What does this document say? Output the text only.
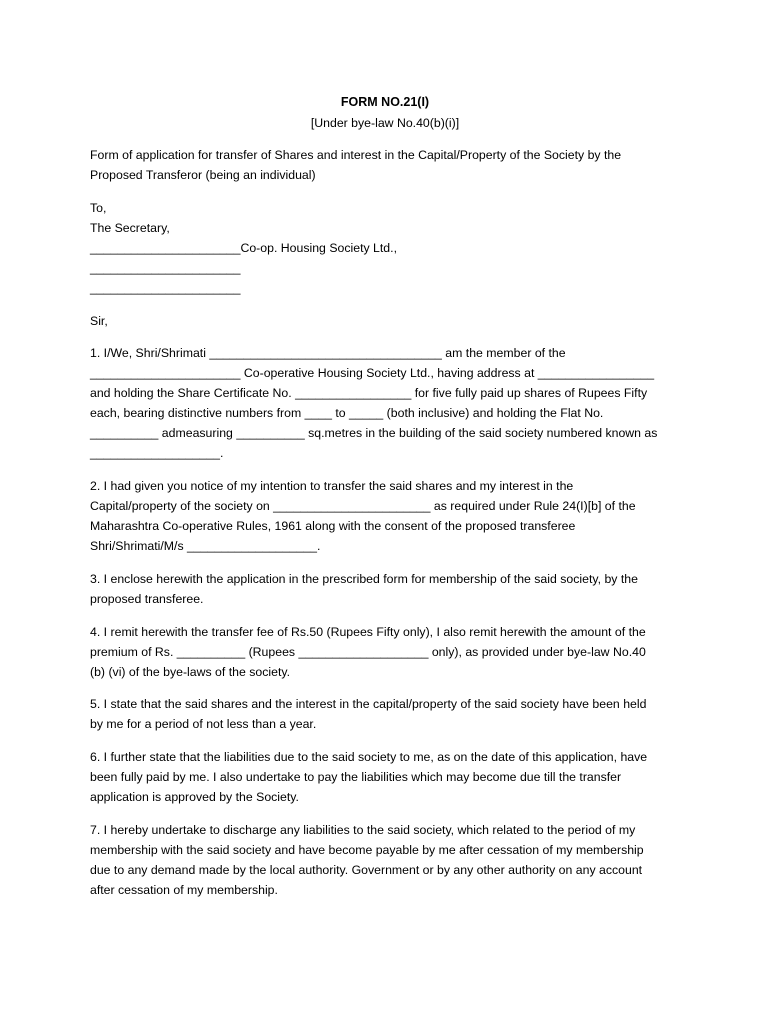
FORM NO.21(I)
[Under bye-law No.40(b)(i)]
Form of application for transfer of Shares and interest in the Capital/Property of the Society by the
Proposed Transferor (being an individual)
To,
The Secretary,
______________________Co-op. Housing Society Ltd.,
______________________
______________________
Sir,
1. I/We, Shri/Shrimati __________________________________ am the member of the
______________________ Co-operative Housing Society Ltd., having address at _________________
and holding the Share Certificate No. _________________ for five fully paid up shares of Rupees Fifty
each, bearing distinctive numbers from ____ to _____ (both inclusive) and holding the Flat No.
__________ admeasuring __________ sq.metres in the building of the said society numbered known as
___________________.
2. I had given you notice of my intention to transfer the said shares and my interest in the
Capital/property of the society on _______________________ as required under Rule 24(I)[b] of the
Maharashtra Co-operative Rules, 1961 along with the consent of the proposed transferee
Shri/Shrimati/M/s ___________________.
3. I enclose herewith the application in the prescribed form for membership of the said society, by the
proposed transferee.
4. I remit herewith the transfer fee of Rs.50 (Rupees Fifty only), I also remit herewith the amount of the
premium of Rs. __________ (Rupees ___________________ only), as provided under bye-law No.40
(b) (vi) of the bye-laws of the society.
5. I state that the said shares and the interest in the capital/property of the said society have been held
by me for a period of not less than a year.
6. I further state that the liabilities due to the said society to me, as on the date of this application, have
been fully paid by me. I also undertake to pay the liabilities which may become due till the transfer
application is approved by the Society.
7. I hereby undertake to discharge any liabilities to the said society, which related to the period of my
membership with the said society and have become payable by me after cessation of my membership
due to any demand made by the local authority. Government or by any other authority on any account
after cessation of my membership.
